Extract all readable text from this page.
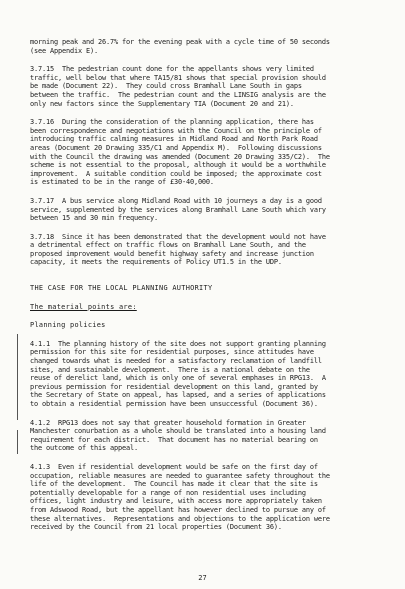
morning peak and 26.7% for the evening peak with a cycle time of 50 seconds
(see Appendix E).
3.7.15  The pedestrian count done for the appellants shows very limited
traffic, well below that where TA15/81 shows that special provision should
be made (Document 22).  They could cross Bramhall Lane South in gaps
between the traffic.  The pedestrian count and the LINSIG analysis are the
only new factors since the Supplementary TIA (Document 20 and 21).
3.7.16  During the consideration of the planning application, there has
been correspondence and negotiations with the Council on the principle of
introducing traffic calming measures in Midland Road and North Park Road
areas (Document 20 Drawing 335/C1 and Appendix M).  Following discussions
with the Council the drawing was amended (Document 20 Drawing 335/C2).  The
scheme is not essential to the proposal, although it would be a worthwhile
improvement.  A suitable condition could be imposed; the approximate cost
is estimated to be in the range of £30-40,000.
3.7.17  A bus service along Midland Road with 10 journeys a day is a good
service, supplemented by the services along Bramhall Lane South which vary
between 15 and 30 min frequency.
3.7.18  Since it has been demonstrated that the development would not have
a detrimental effect on traffic flows on Bramhall Lane South, and the
proposed improvement would benefit highway safety and increase junction
capacity, it meets the requirements of Policy UT1.5 in the UDP.
THE CASE FOR THE LOCAL PLANNING AUTHORITY
The material points are:
Planning policies
4.1.1  The planning history of the site does not support granting planning
permission for this site for residential purposes, since attitudes have
changed towards what is needed for a satisfactory reclamation of landfill
sites, and sustainable development.  There is a national debate on the
reuse of derelict land, which is only one of several emphases in RPG13.  A
previous permission for residential development on this land, granted by
the Secretary of State on appeal, has lapsed, and a series of applications
to obtain a residential permission have been unsuccessful (Document 36).
4.1.2  RPG13 does not say that greater household formation in Greater
Manchester conurbation as a whole should be translated into a housing land
requirement for each district.  That document has no material bearing on
the outcome of this appeal.
4.1.3  Even if residential development would be safe on the first day of
occupation, reliable measures are needed to guarantee safety throughout the
life of the development.  The Council has made it clear that the site is
potentially developable for a range of non residential uses including
offices, light industry and leisure, with access more appropriately taken
from Adswood Road, but the appellant has however declined to pursue any of
these alternatives.  Representations and objections to the application were
received by the Council from 21 local properties (Document 36).
27
